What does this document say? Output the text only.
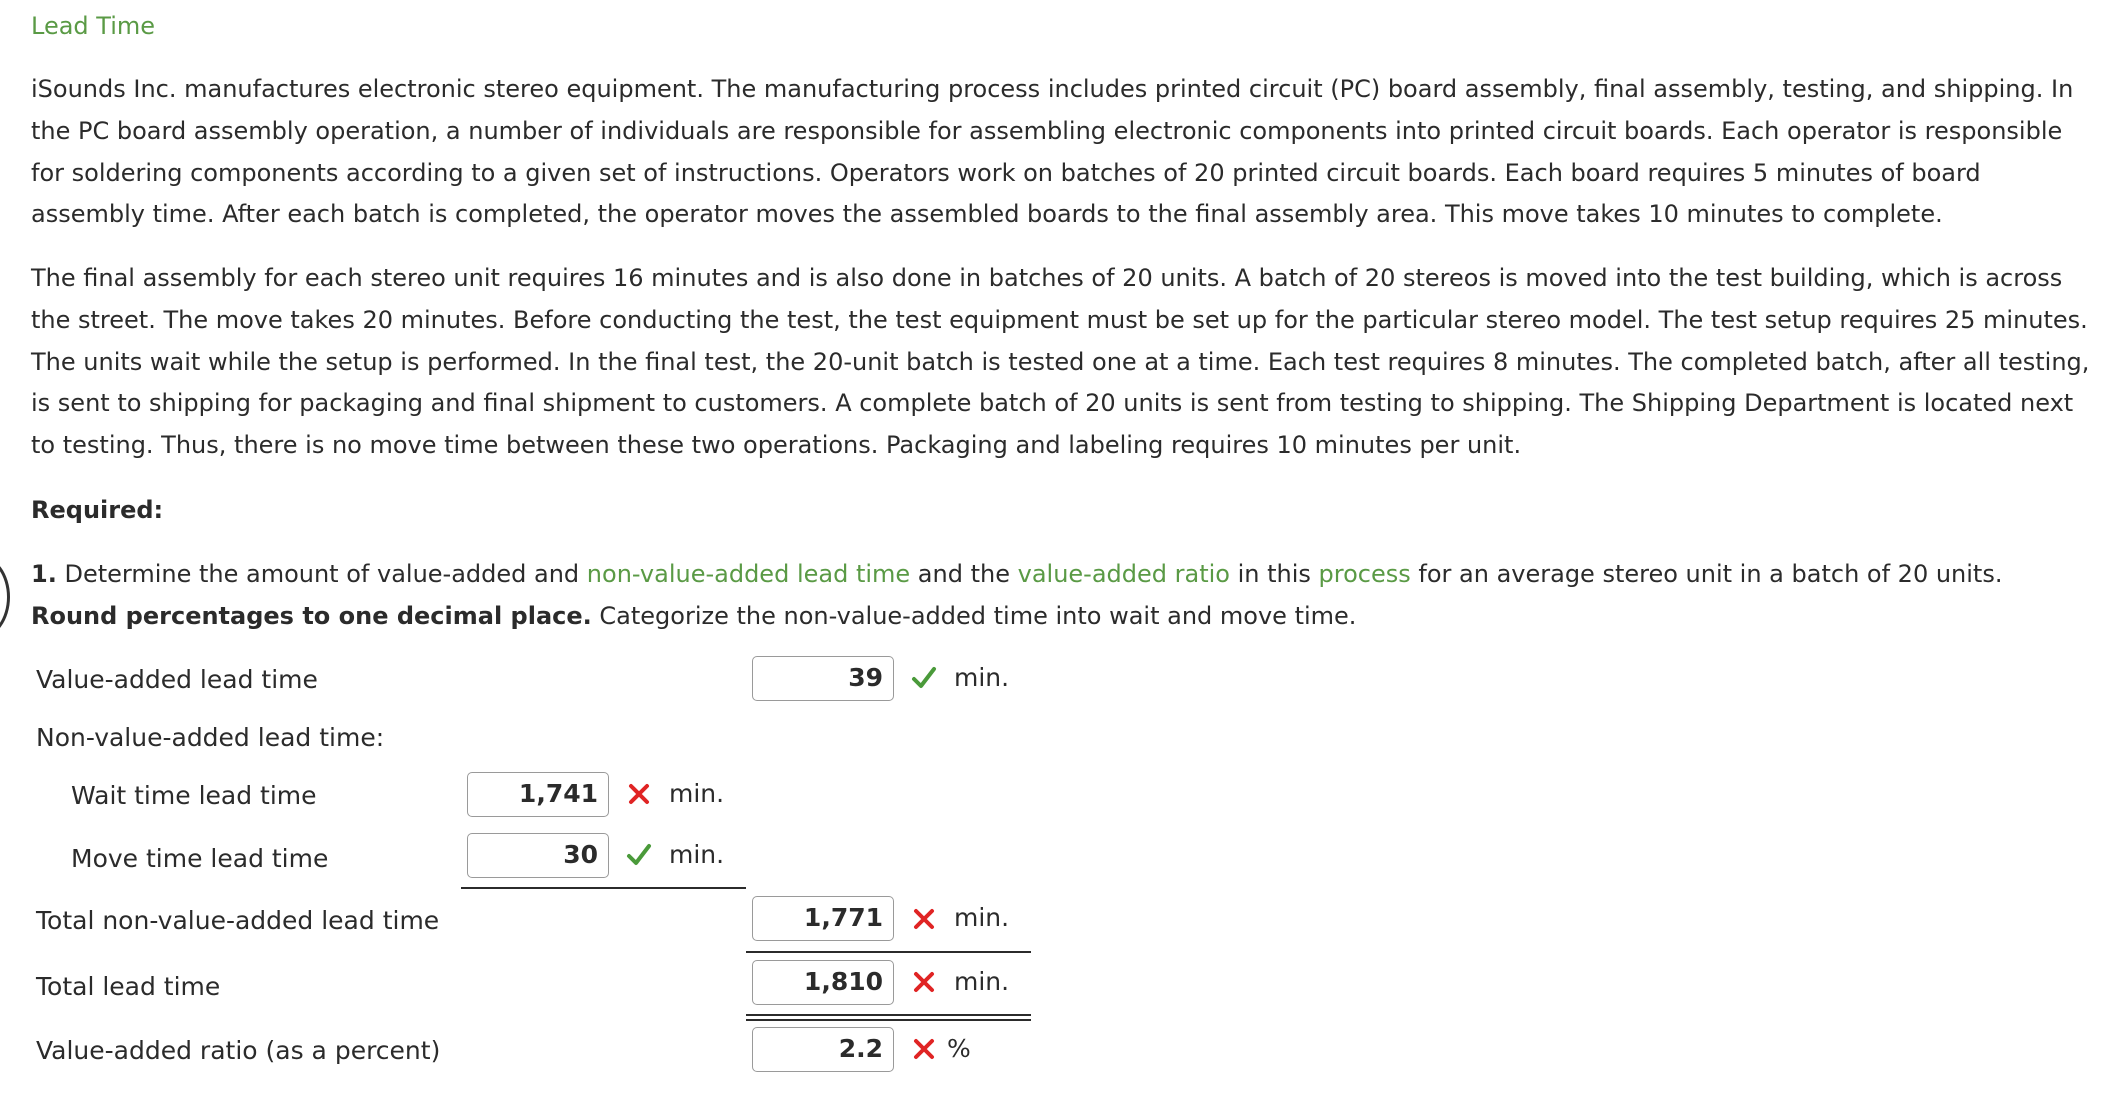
Lead Time

iSounds Inc. manufactures electronic stereo equipment. The manufacturing process includes printed circuit (PC) board assembly, final assembly, testing, and shipping. In the PC board assembly operation, a number of individuals are responsible for assembling electronic components into printed circuit boards. Each operator is responsible for soldering components according to a given set of instructions. Operators work on batches of 20 printed circuit boards. Each board requires 5 minutes of board assembly time. After each batch is completed, the operator moves the assembled boards to the final assembly area. This move takes 10 minutes to complete.

The final assembly for each stereo unit requires 16 minutes and is also done in batches of 20 units. A batch of 20 stereos is moved into the test building, which is across the street. The move takes 20 minutes. Before conducting the test, the test equipment must be set up for the particular stereo model. The test setup requires 25 minutes. The units wait while the setup is performed. In the final test, the 20-unit batch is tested one at a time. Each test requires 8 minutes. The completed batch, after all testing, is sent to shipping for packaging and final shipment to customers. A complete batch of 20 units is sent from testing to shipping. The Shipping Department is located next to testing. Thus, there is no move time between these two operations. Packaging and labeling requires 10 minutes per unit.

Required:

1. Determine the amount of value-added and non-value-added lead time and the value-added ratio in this process for an average stereo unit in a batch of 20 units.
Round percentages to one decimal place. Categorize the non-value-added time into wait and move time.

Value-added lead time	39	min.
Non-value-added lead time:
Wait time lead time	1,741	min.
Move time lead time	30	min.
Total non-value-added lead time	1,771	min.
Total lead time	1,810	min.
Value-added ratio (as a percent)	2.2	%
